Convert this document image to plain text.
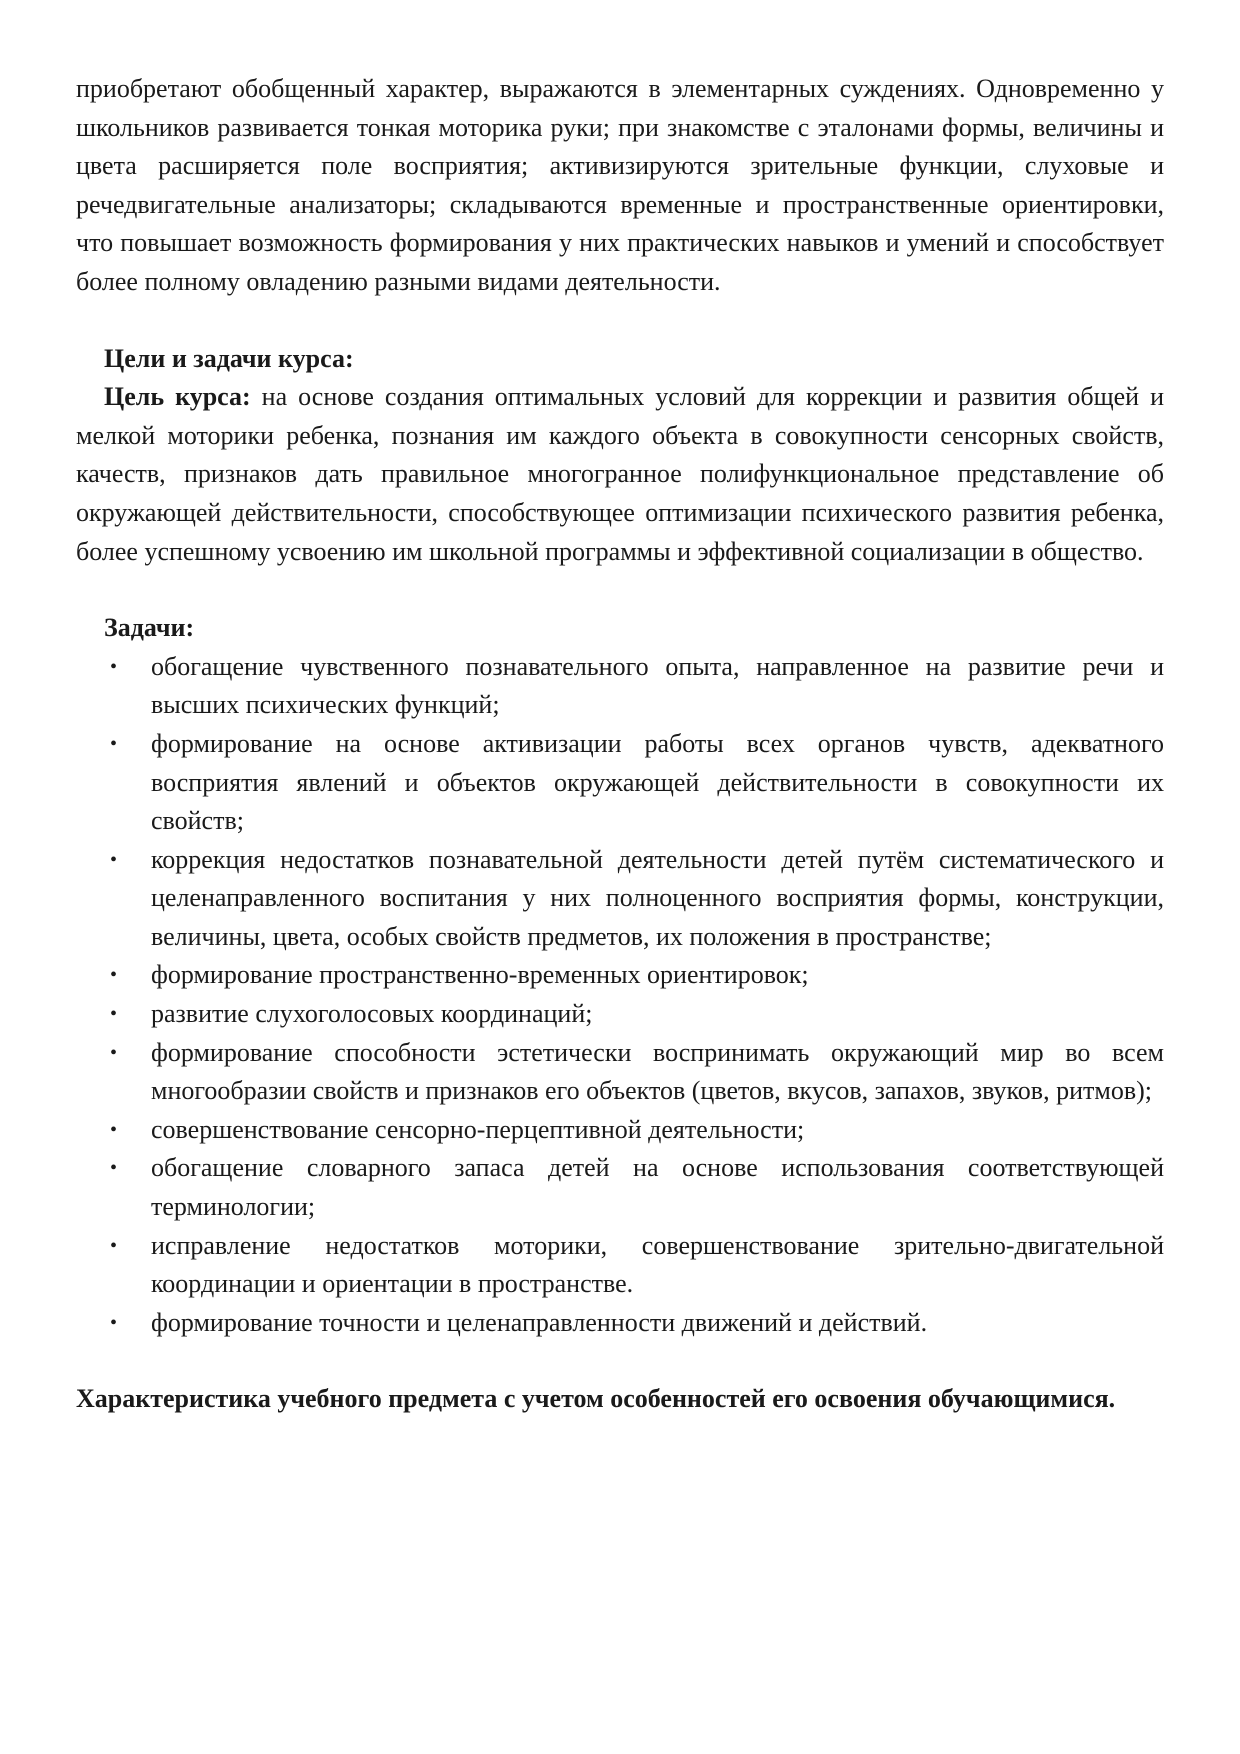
приобретают обобщенный характер, выражаются в элементарных суждениях. Одновременно у школьников развивается тонкая моторика руки; при знакомстве с эталонами формы, величины и цвета расширяется поле восприятия; активизируются зрительные функции, слуховые и речедвигательные анализаторы; складываются временные и пространственные ориентировки, что повышает возможность формирования у них практических навыков и умений и способствует более полному овладению разными видами деятельности.

Цели и задачи курса:

Цель курса: на основе создания оптимальных условий для коррекции и развития общей и мелкой моторики ребенка, познания им каждого объекта в совокупности сенсорных свойств, качеств, признаков дать правильное многогранное полифункциональное представление об окружающей действительности, способствующее оптимизации психического развития ребенка, более успешному усвоению им школьной программы и эффективной социализации в общество.

Задачи:

• обогащение чувственного познавательного опыта, направленное на развитие речи и высших психических функций;
• формирование на основе активизации работы всех органов чувств, адекватного восприятия явлений и объектов окружающей действительности в совокупности их свойств;
• коррекция недостатков познавательной деятельности детей путём систематического и целенаправленного воспитания у них полноценного восприятия формы, конструкции, величины, цвета, особых свойств предметов, их положения в пространстве;
• формирование пространственно-временных ориентировок;
• развитие слухоголосовых координаций;
• формирование способности эстетически воспринимать окружающий мир во всем многообразии свойств и признаков его объектов (цветов, вкусов, запахов, звуков, ритмов);
• совершенствование сенсорно-перцептивной деятельности;
• обогащение словарного запаса детей на основе использования соответствующей терминологии;
• исправление недостатков моторики, совершенствование зрительно-двигательной координации и ориентации в пространстве.
• формирование точности и целенаправленности движений и действий.

Характеристика учебного предмета с учетом особенностей его освоения обучающимися.
